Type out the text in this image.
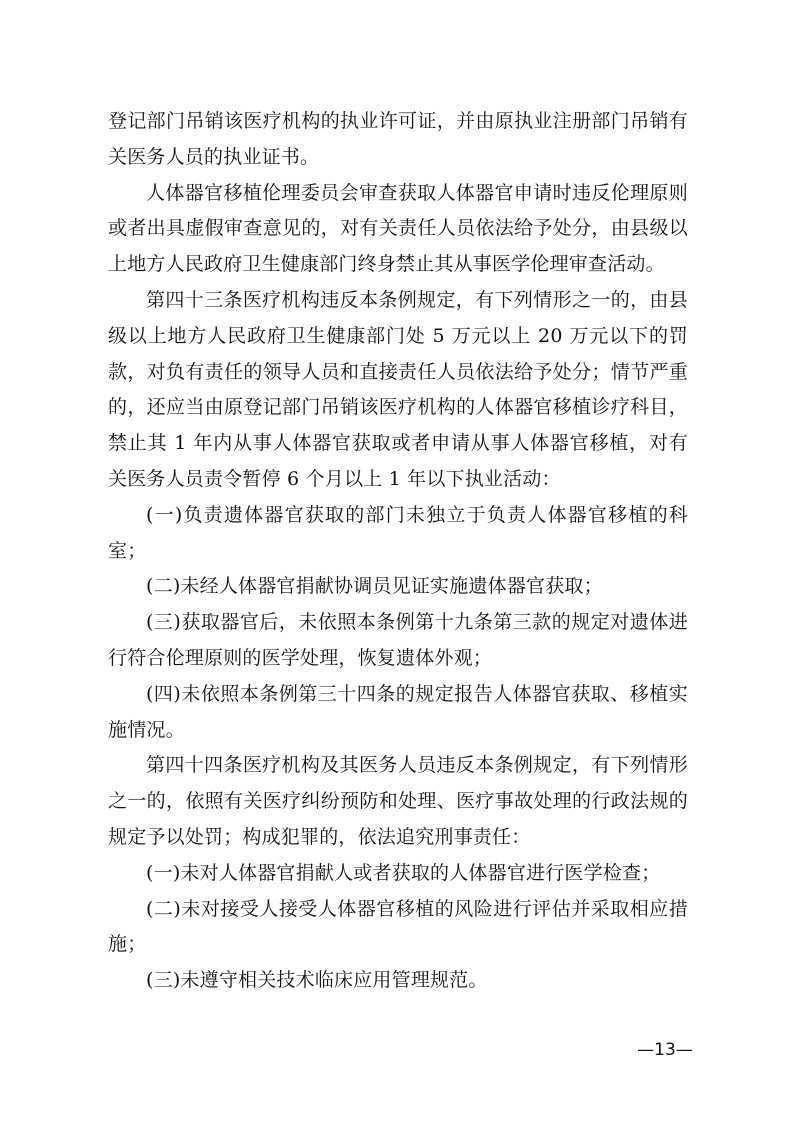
登记部门吊销该医疗机构的执业许可证，并由原执业注册部门吊销有关医务人员的执业证书。

人体器官移植伦理委员会审查获取人体器官申请时违反伦理原则或者出具虚假审查意见的，对有关责任人员依法给予处分，由县级以上地方人民政府卫生健康部门终身禁止其从事医学伦理审查活动。

第四十三条医疗机构违反本条例规定，有下列情形之一的，由县级以上地方人民政府卫生健康部门处 5 万元以上 20 万元以下的罚款，对负有责任的领导人员和直接责任人员依法给予处分；情节严重的，还应当由原登记部门吊销该医疗机构的人体器官移植诊疗科目，禁止其 1 年内从事人体器官获取或者申请从事人体器官移植，对有关医务人员责令暂停 6 个月以上 1 年以下执业活动：

(一)负责遗体器官获取的部门未独立于负责人体器官移植的科室；

(二)未经人体器官捐献协调员见证实施遗体器官获取；

(三)获取器官后，未依照本条例第十九条第三款的规定对遗体进行符合伦理原则的医学处理，恢复遗体外观；

(四)未依照本条例第三十四条的规定报告人体器官获取、移植实施情况。

第四十四条医疗机构及其医务人员违反本条例规定，有下列情形之一的，依照有关医疗纠纷预防和处理、医疗事故处理的行政法规的规定予以处罚；构成犯罪的，依法追究刑事责任：

(一)未对人体器官捐献人或者获取的人体器官进行医学检查；

(二)未对接受人接受人体器官移植的风险进行评估并采取相应措施；

(三)未遵守相关技术临床应用管理规范。

—13—
